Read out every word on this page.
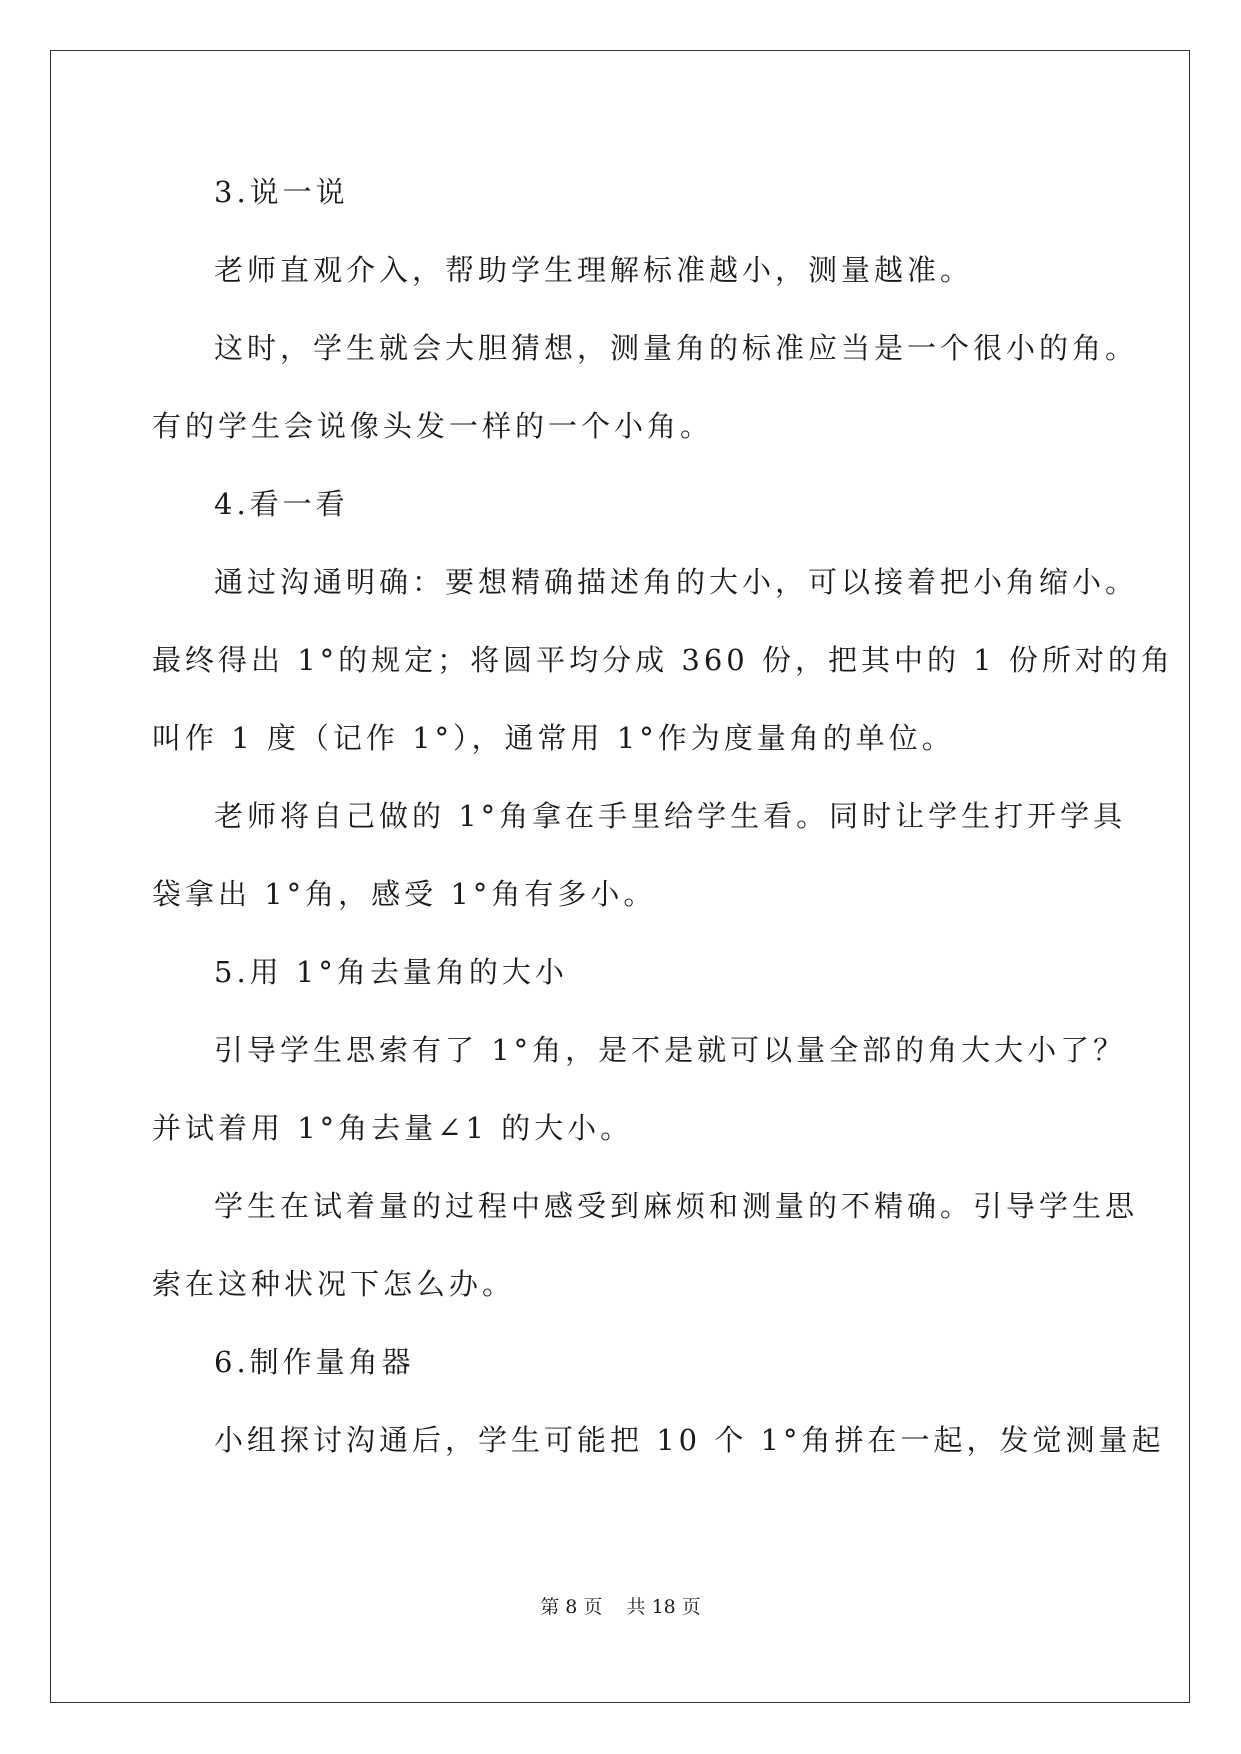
3.说一说
老师直观介入，帮助学生理解标准越小，测量越准。
这时，学生就会大胆猜想，测量角的标准应当是一个很小的角。
有的学生会说像头发一样的一个小角。
4.看一看
通过沟通明确：要想精确描述角的大小，可以接着把小角缩小。
最终得出 1°的规定；将圆平均分成 360 份，把其中的 1 份所对的角
叫作 1 度（记作 1°），通常用 1°作为度量角的单位。
老师将自己做的 1°角拿在手里给学生看。同时让学生打开学具
袋拿出 1°角，感受 1°角有多小。
5.用 1°角去量角的大小
引导学生思索有了 1°角，是不是就可以量全部的角大大小了？
并试着用 1°角去量∠1 的大小。
学生在试着量的过程中感受到麻烦和测量的不精确。引导学生思
索在这种状况下怎么办。
6.制作量角器
小组探讨沟通后，学生可能把 10 个 1°角拼在一起，发觉测量起
第 8 页 共 18 页
